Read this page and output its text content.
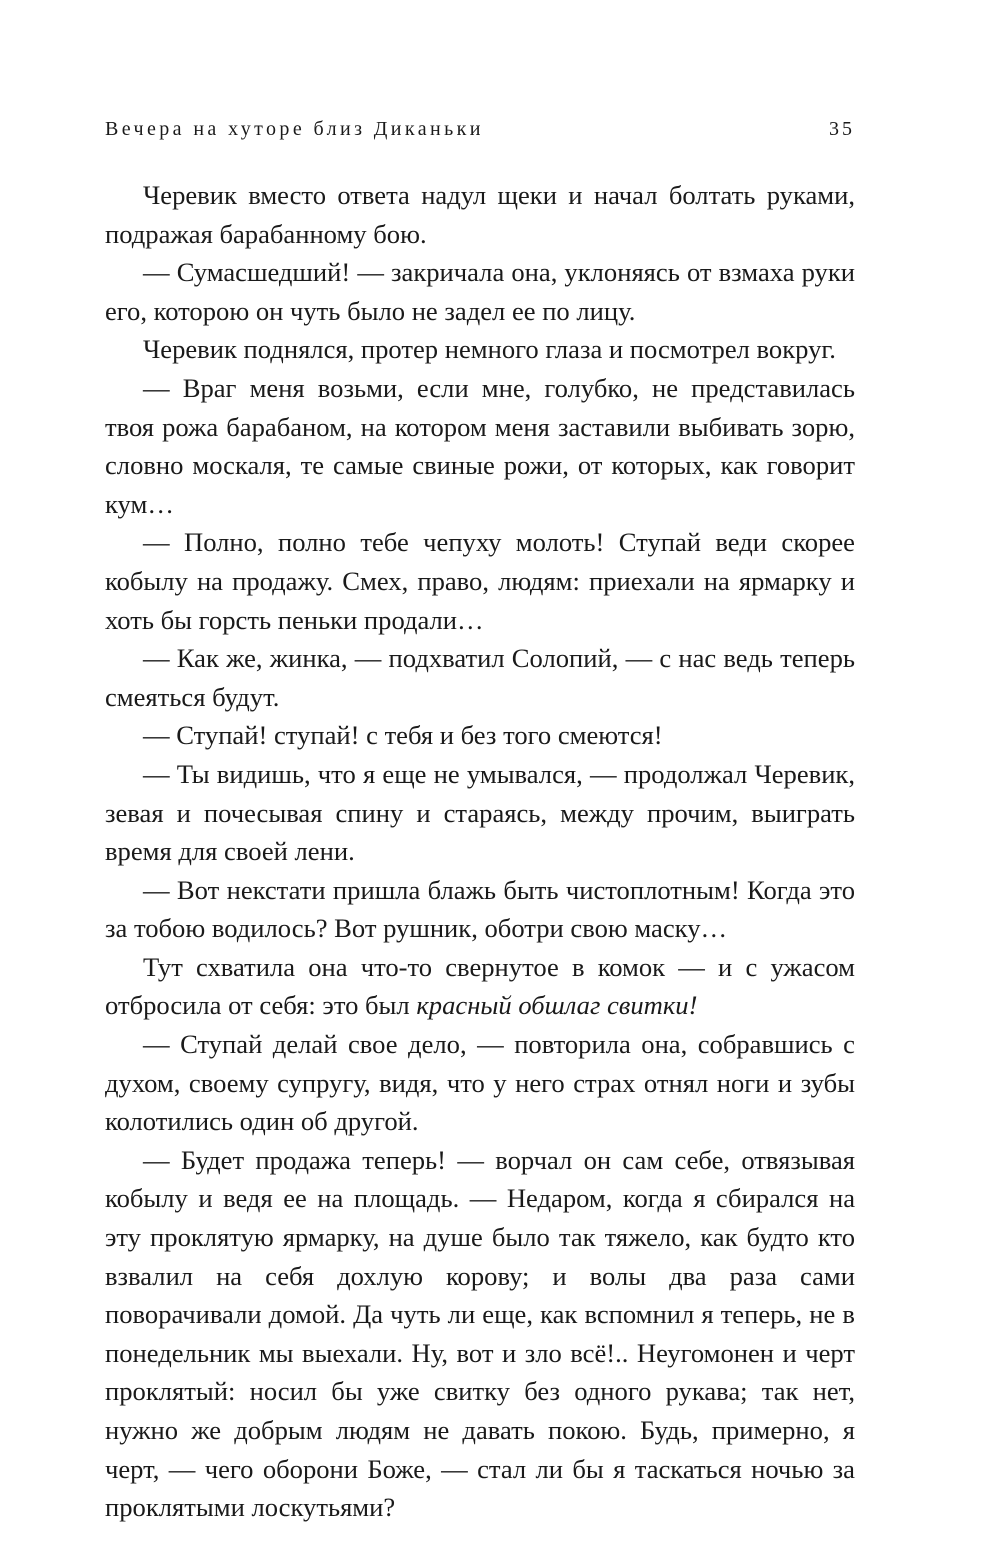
Вечера на хуторе близ Диканьки	35

Черевик вместо ответа надул щеки и начал болтать руками, подражая барабанному бою.

— Сумасшедший! — закричала она, уклоняясь от взмаха руки его, которою он чуть было не задел ее по лицу.

Черевик поднялся, протер немного глаза и посмотрел вокруг.

— Враг меня возьми, если мне, голубко, не представилась твоя рожа барабаном, на котором меня заставили выбивать зорю, словно москаля, те самые свиные рожи, от которых, как говорит кум…

— Полно, полно тебе чепуху молоть! Ступай веди скорее кобылу на продажу. Смех, право, людям: приехали на ярмарку и хоть бы горсть пеньки продали…

— Как же, жинка, — подхватил Солопий, — с нас ведь теперь смеяться будут.

— Ступай! ступай! с тебя и без того смеются!

— Ты видишь, что я еще не умывался, — продолжал Черевик, зевая и почесывая спину и стараясь, между прочим, выиграть время для своей лени.

— Вот некстати пришла блажь быть чистоплотным! Когда это за тобою водилось? Вот рушник, оботри свою маску…

Тут схватила она что-то свернутое в комок — и с ужасом отбросила от себя: это был красный обшлаг свитки!

— Ступай делай свое дело, — повторила она, собравшись с духом, своему супругу, видя, что у него страх отнял ноги и зубы колотились один об другой.

— Будет продажа теперь! — ворчал он сам себе, отвязывая кобылу и ведя ее на площадь. — Недаром, когда я сбирался на эту проклятую ярмарку, на душе было так тяжело, как будто кто взвалил на себя дохлую корову; и волы два раза сами поворачивали домой. Да чуть ли еще, как вспомнил я теперь, не в понедельник мы выехали. Ну, вот и зло всё!.. Неугомонен и черт проклятый: носил бы уже свитку без одного рукава; так нет, нужно же добрым людям не давать покою. Будь, примерно, я черт, — чего оборони Боже, — стал ли бы я таскаться ночью за проклятыми лоскутьями?
